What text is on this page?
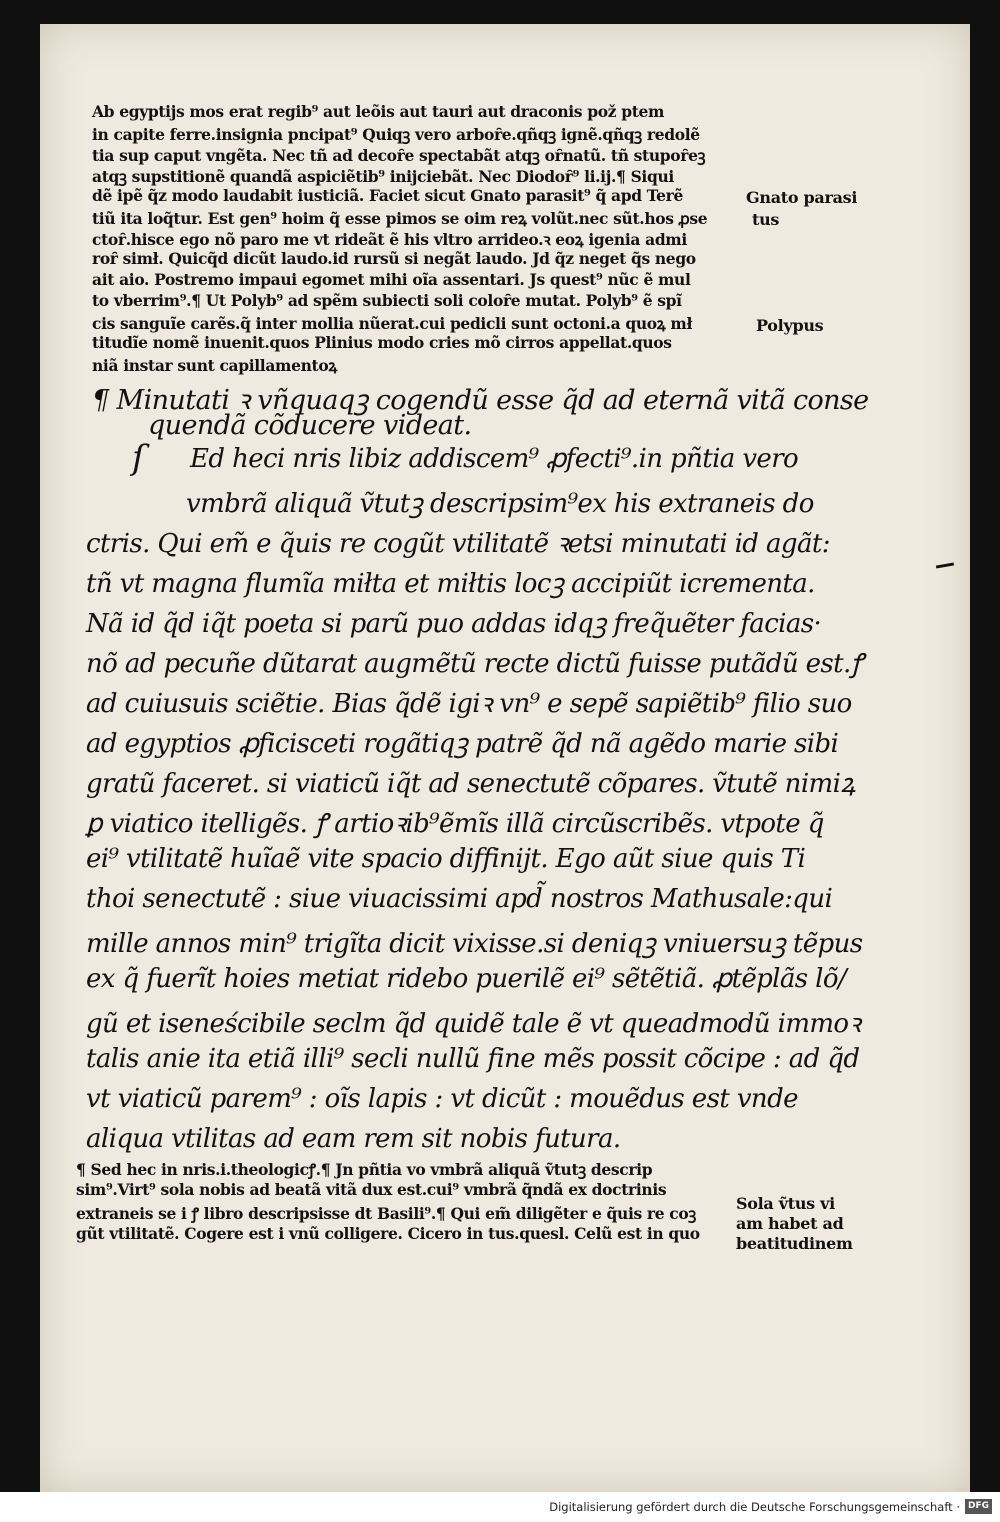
Ab egyptijs mos erat regib⁹ aut leõis aut tauri aut draconis pož ptem
in capite ferre.insignia pncipat⁹ Quiqꝫ vero arboȓe.qñqꝫ ignẽ.qñqꝫ redolẽ
tia sup caput vngẽta. Nec tñ ad decoȓe spectabãt atqꝫ oȓnatũ. tñ stupoȓeꝫ
atqꝫ supstitionẽ quandã aspiciẽtib⁹ inijciebãt. Nec Diodoȓ⁹ li.ij.¶ Siqui
dẽ ipẽ q̃z modo laudabit iusticiã. Faciet sicut Gnato parasit⁹ q̃ apd Terẽ
tiũ ita loq̃tur. Est gen⁹ hoim q̃ esse pimos se oim reꝝ volũt.nec sũt.hos ꝓse
ctoȓ.hisce ego nõ paro me vt rideãt ẽ his vltro arrideo.ꝛ eoꝝ igenia admi
roȓ simł. Quicq̃d dicũt laudo.id rursũ si negãt laudo. Jd q̃z neget q̃s nego
ait aio. Postremo impaui egomet mihi oĩa assentari. Js quest⁹ nũc ẽ mul
to vberrim⁹.¶ Ut Polyb⁹ ad spẽm subiecti soli coloȓe mutat. Polyb⁹ ẽ spĩ
cis sanguĩe carẽs.q̃ inter mollia nũerat.cui pedicli sunt octoni.a quoꝝ mł
titudĩe nomẽ inuenit.quos Plinius modo cries mõ cirros appellat.quos
niã instar sunt capillamentoꝝ
Gnato parasi
tus
Polypus
¶ Minutati ꝛ vñquaqꝫ cogendũ esse q̃d ad eternã vitã conse
quendã cõducere videat.
ſ Ed heci nris libiz addiscem⁹ ꝓfecti⁹.in pñtia vero
vmbrã aliquã ṽtutꝫ descripsim⁹ex his extraneis do
ctris. Qui em̃ e q̃uis re cogũt vtilitatẽ ꝛetsi minutati id agãt:
tñ vt magna flumĩa miłta et miłtis locꝫ accipiũt icrementa.
Nã id q̃d iq̃t poeta si parũ puo addas idqꝫ freq̃uẽter facias·
nõ ad pecuñe dũtarat augmẽtũ recte dictũ fuisse putãdũ est.ꝭ
ad cuiusuis sciẽtie. Bias q̃dẽ igiꝛ vn⁹ e sepẽ sapiẽtib⁹ filio suo
ad egyptios ꝓficisceti rogãtiqꝫ patrẽ q̃d nã agẽdo marie sibi
gratũ faceret. si viaticũ iq̃t ad senectutẽ cõpares. ṽtutẽ nimiꝝ
ꝑ viatico itelligẽs. ꝭ artioꝛib⁹ẽmĩs illã circũscribẽs. vtpote q̃
ei⁹ vtilitatẽ huĩaẽ vite spacio diffinijt. Ego aũt siue quis Ti
thoi senectutẽ : siue viuacissimi apd̃ nostros Mathusale:qui
mille annos min⁹ trigĩta dicit vixisse.si deniqꝫ vniuersuꝫ tẽpus
ex q̃ fuerĩt hoies metiat ridebo puerilẽ ei⁹ sẽtẽtiã. ꝓtẽplãs lõ/
gũ et iseneścibile seclm q̃d quidẽ tale ẽ vt queadmodũ immoꝛ
talis anie ita etiã illi⁹ secli nullũ fine mẽs possit cõcipe : ad q̃d
vt viaticũ parem⁹ : oĩs lapis : vt dicũt : mouẽdus est vnde
aliqua vtilitas ad eam rem sit nobis futura.
¶ Sed hec in nris.i.theologicꝭ.¶ Jn pñtia vo vmbrã aliquã ṽtutꝫ descrip
sim⁹.Virt⁹ sola nobis ad beatã vitã dux est.cui⁹ vmbrã q̃ndã ex doctrinis
extraneis se i ꝭ libro descripsisse dt Basili⁹.¶ Qui em̃ diligẽter e q̃uis re coꝫ
gũt vtilitatẽ. Cogere est i vnũ colligere. Cicero in tus.quesl. Celũ est in quo
Sola ṽtus vi
am habet ad
beatitudinem
Digitalisierung gefördert durch die Deutsche Forschungsgemeinschaft · DFG
